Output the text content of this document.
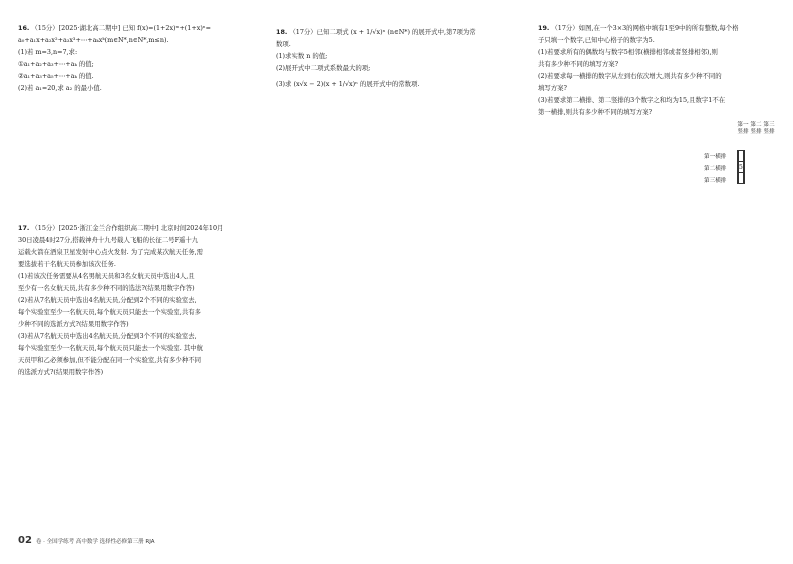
16. （15分）[2025·湖北高二期中] 已知 f(x)=(1+2x)ᵐ+(1+x)ⁿ=

a₀+a₁x+a₂x²+a₃x³+⋯+aₖxᵏ(m∈N*,n∈N*,m≤n).

(1)若 m=3,n=7,求:

①a₁+a₂+a₃+⋯+aₖ 的值;

②a₁+a₃+a₅+⋯+aₖ 的值.

(2)若 a₁=20,求 a₂ 的最小值.

17. （15分）[2025·浙江金兰合作组织高二期中] 北京时间2024年10月

30日凌晨4时27分,搭载神舟十九号载人飞船的长征二号F遥十九

运载火箭在酒泉卫星发射中心点火发射. 为了完成某次航天任务,需

要选拔若干名航天员参加该次任务.

(1)若该次任务需要从4名男航天员和3名女航天员中选出4人,且

至少有一名女航天员,共有多少种不同的选法?(结果用数字作答)

(2)若从7名航天员中选出4名航天员,分配到2个不同的实验室去,

每个实验室至少一名航天员,每个航天员只能去一个实验室,共有多

少种不同的选派方式?(结果用数字作答)

(3)若从7名航天员中选出4名航天员,分配到3个不同的实验室去,

每个实验室至少一名航天员,每个航天员只能去一个实验室. 其中航

天员甲和乙必须参加,但不能分配在同一个实验室,共有多少种不同

的选派方式?(结果用数字作答)

18. （17分）已知二项式 (x + 1/√x)ⁿ (n∈N*) 的展开式中,第7项为常

数项.

(1)求实数 n 的值;

(2)展开式中二项式系数最大的项;

(3)求 (x√x − 2)(x + 1/√x)ⁿ 的展开式中的常数项.

19. （17分）如图,在一个3×3的网格中填有1至9中的所有整数,每个格

子只填一个数字,已知中心格子的数字为5.

(1)若要求所有的偶数均与数字5相邻(横排相邻或者竖排相邻),则

共有多少种不同的填写方案?

(2)若要求每一横排的数字从左到右依次增大,则共有多少种不同的

填写方案?

(3)若要求第二横排、第二竖排的3个数字之和均为15,且数字1不在

第一横排,则共有多少种不同的填写方案?

第一竖排
第二竖排
第三竖排
第一横排
第二横排
第三横排

	5	

02 卷 · 全国学练考 高中数学 选择性必修第三册 RJA
